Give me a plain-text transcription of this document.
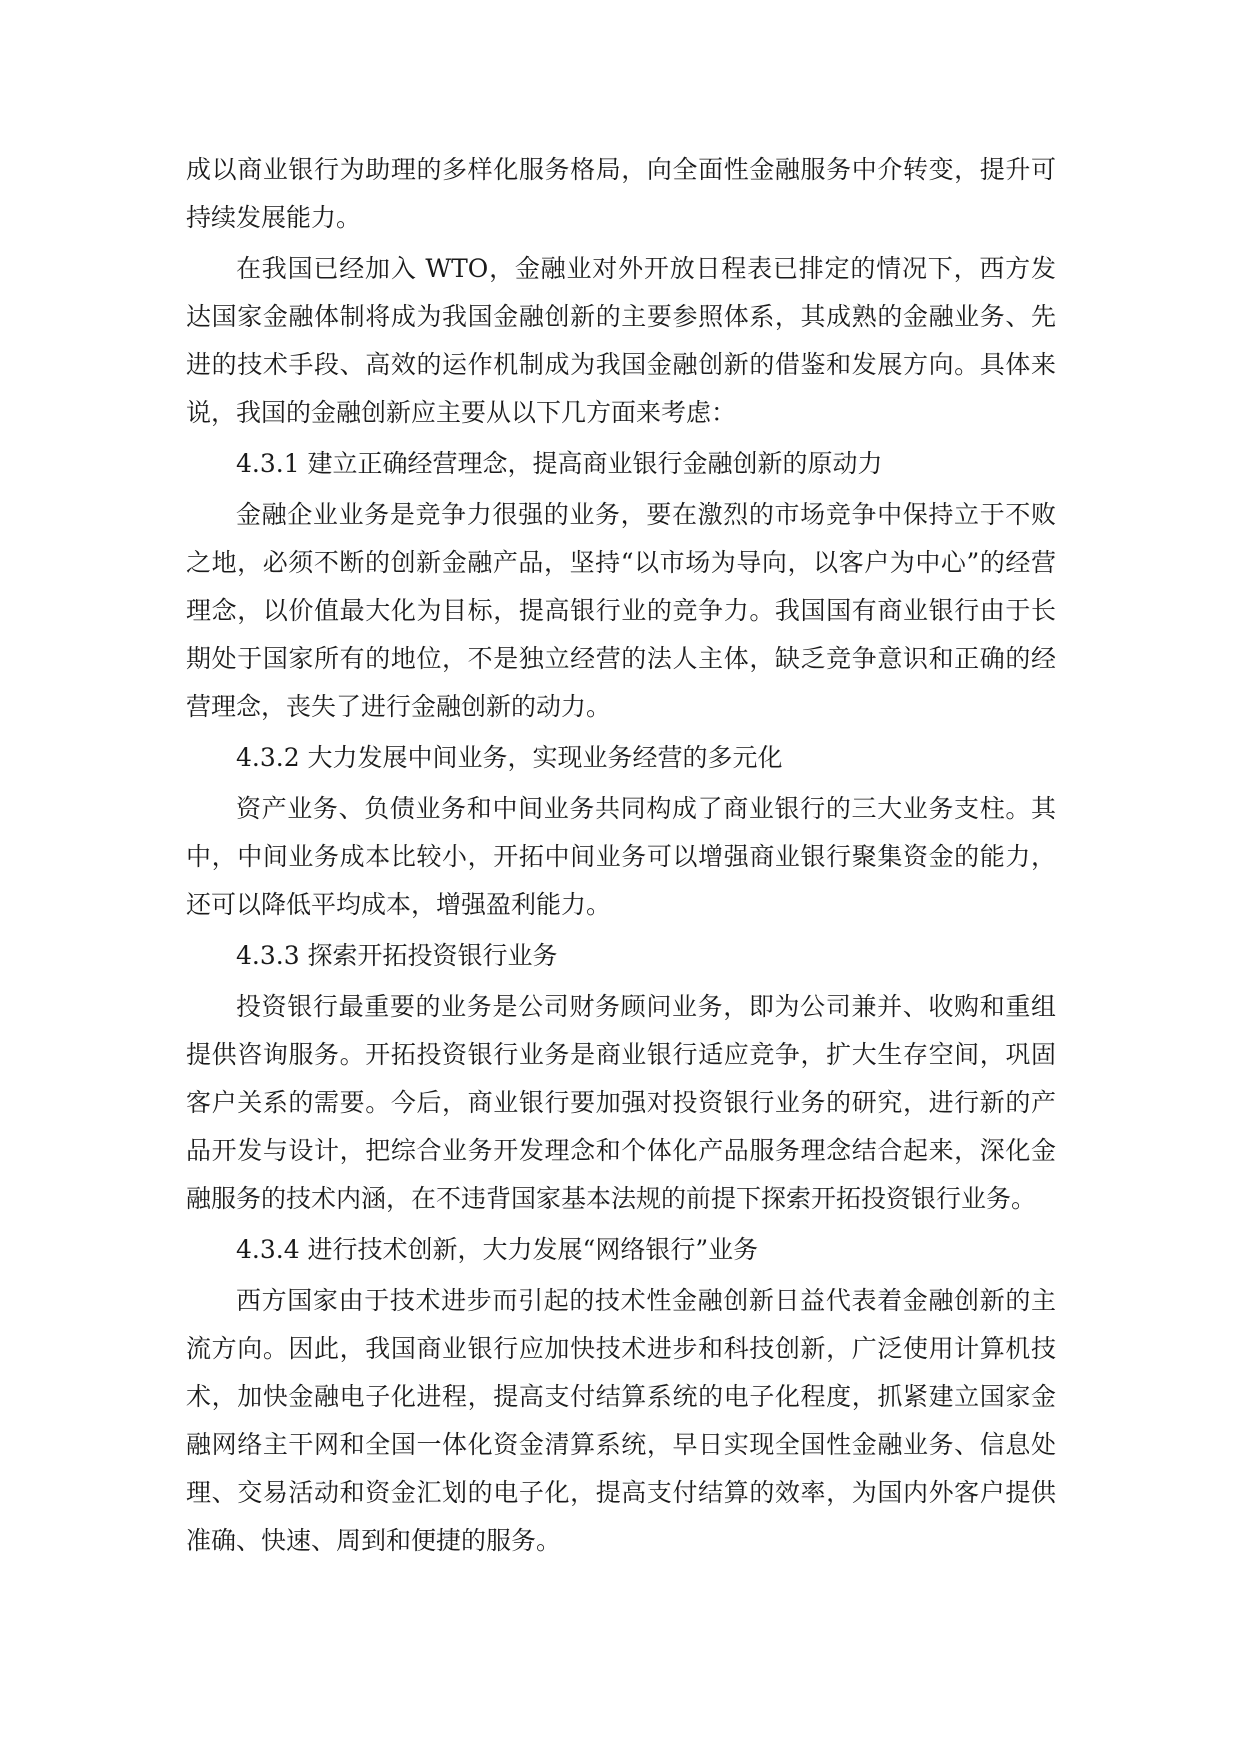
成以商业银行为助理的多样化服务格局，向全面性金融服务中介转变，提升可持续发展能力。

在我国已经加入 WTO，金融业对外开放日程表已排定的情况下，西方发达国家金融体制将成为我国金融创新的主要参照体系，其成熟的金融业务、先进的技术手段、高效的运作机制成为我国金融创新的借鉴和发展方向。具体来说，我国的金融创新应主要从以下几方面来考虑：

4.3.1 建立正确经营理念，提高商业银行金融创新的原动力

金融企业业务是竞争力很强的业务，要在激烈的市场竞争中保持立于不败之地，必须不断的创新金融产品，坚持“以市场为导向，以客户为中心”的经营理念，以价值最大化为目标，提高银行业的竞争力。我国国有商业银行由于长期处于国家所有的地位，不是独立经营的法人主体，缺乏竞争意识和正确的经营理念，丧失了进行金融创新的动力。

4.3.2 大力发展中间业务，实现业务经营的多元化

资产业务、负债业务和中间业务共同构成了商业银行的三大业务支柱。其中，中间业务成本比较小，开拓中间业务可以增强商业银行聚集资金的能力，还可以降低平均成本，增强盈利能力。

4.3.3 探索开拓投资银行业务

投资银行最重要的业务是公司财务顾问业务，即为公司兼并、收购和重组提供咨询服务。开拓投资银行业务是商业银行适应竞争，扩大生存空间，巩固客户关系的需要。今后，商业银行要加强对投资银行业务的研究，进行新的产品开发与设计，把综合业务开发理念和个体化产品服务理念结合起来，深化金融服务的技术内涵，在不违背国家基本法规的前提下探索开拓投资银行业务。

4.3.4 进行技术创新，大力发展“网络银行”业务

西方国家由于技术进步而引起的技术性金融创新日益代表着金融创新的主流方向。因此，我国商业银行应加快技术进步和科技创新，广泛使用计算机技术，加快金融电子化进程，提高支付结算系统的电子化程度，抓紧建立国家金融网络主干网和全国一体化资金清算系统，早日实现全国性金融业务、信息处理、交易活动和资金汇划的电子化，提高支付结算的效率，为国内外客户提供准确、快速、周到和便捷的服务。
